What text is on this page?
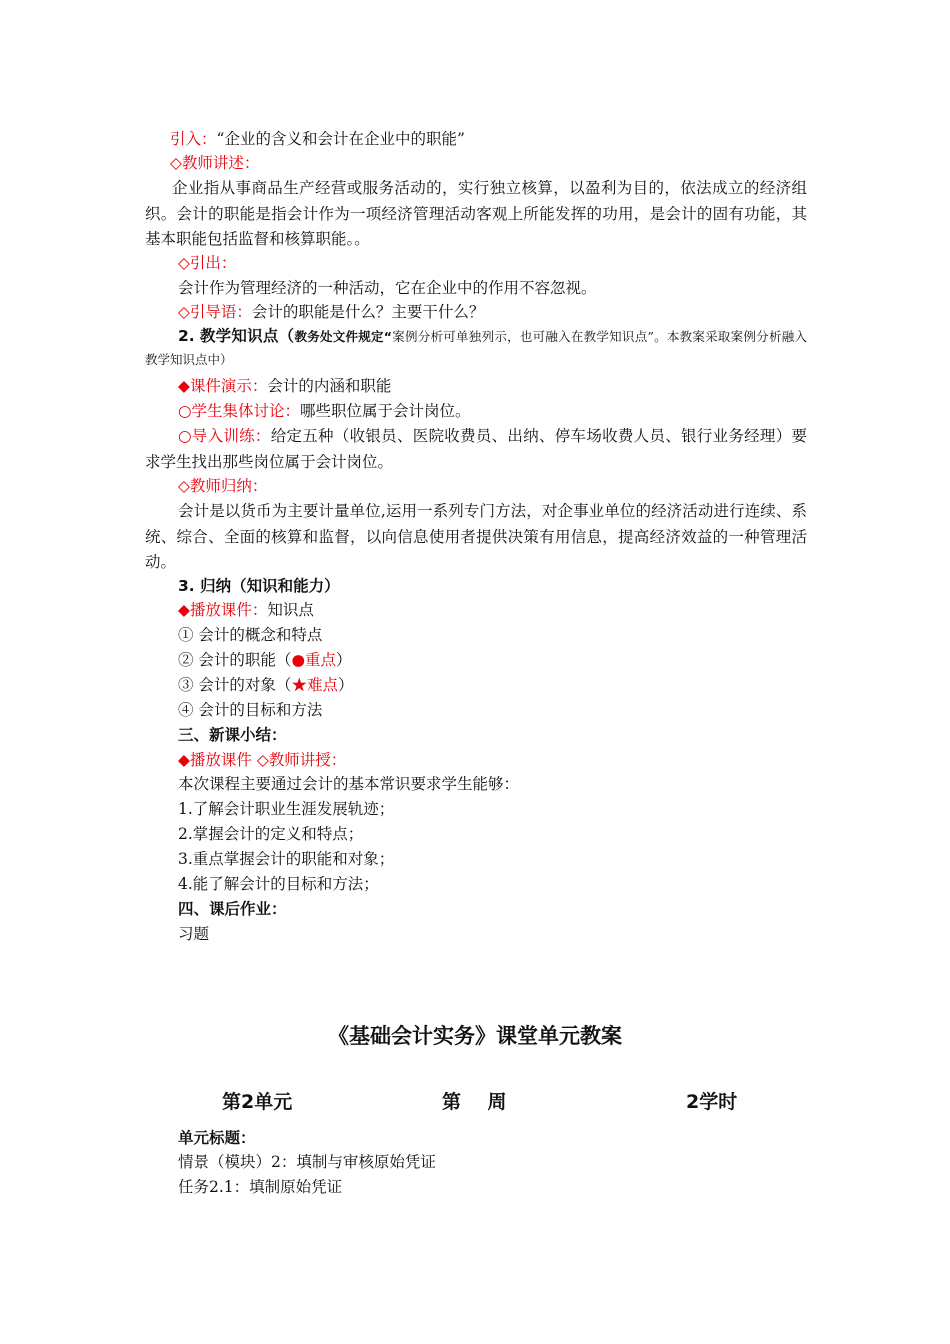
引入：“企业的含义和会计在企业中的职能”
◇教师讲述：
企业指从事商品生产经营或服务活动的，实行独立核算，以盈利为目的，依法成立的经济组织。会计的职能是指会计作为一项经济管理活动客观上所能发挥的功用，是会计的固有功能，其基本职能包括监督和核算职能。。
◇引出：
会计作为管理经济的一种活动，它在企业中的作用不容忽视。
◇引导语：会计的职能是什么？主要干什么？
2. 教学知识点（教务处文件规定“案例分析可单独列示，也可融入在教学知识点”。本教案采取案例分析融入教学知识点中）
◆课件演示：会计的内涵和职能
○学生集体讨论：哪些职位属于会计岗位。
○导入训练：给定五种（收银员、医院收费员、出纳、停车场收费人员、银行业务经理）要求学生找出那些岗位属于会计岗位。
◇教师归纳：
会计是以货币为主要计量单位,运用一系列专门方法，对企事业单位的经济活动进行连续、系统、综合、全面的核算和监督，以向信息使用者提供决策有用信息，提高经济效益的一种管理活动。
3. 归纳（知识和能力）
◆播放课件：知识点
① 会计的概念和特点
② 会计的职能（●重点）
③ 会计的对象（★难点）
④ 会计的目标和方法
三、新课小结：
◆播放课件 ◇教师讲授：
本次课程主要通过会计的基本常识要求学生能够：
1.了解会计职业生涯发展轨迹；
2.掌握会计的定义和特点；
3.重点掌握会计的职能和对象；
4.能了解会计的目标和方法；
四、课后作业：
习题
《基础会计实务》课堂单元教案
第2单元	第    周	2学时
单元标题：
情景（模块）2：填制与审核原始凭证
任务2.1：填制原始凭证
